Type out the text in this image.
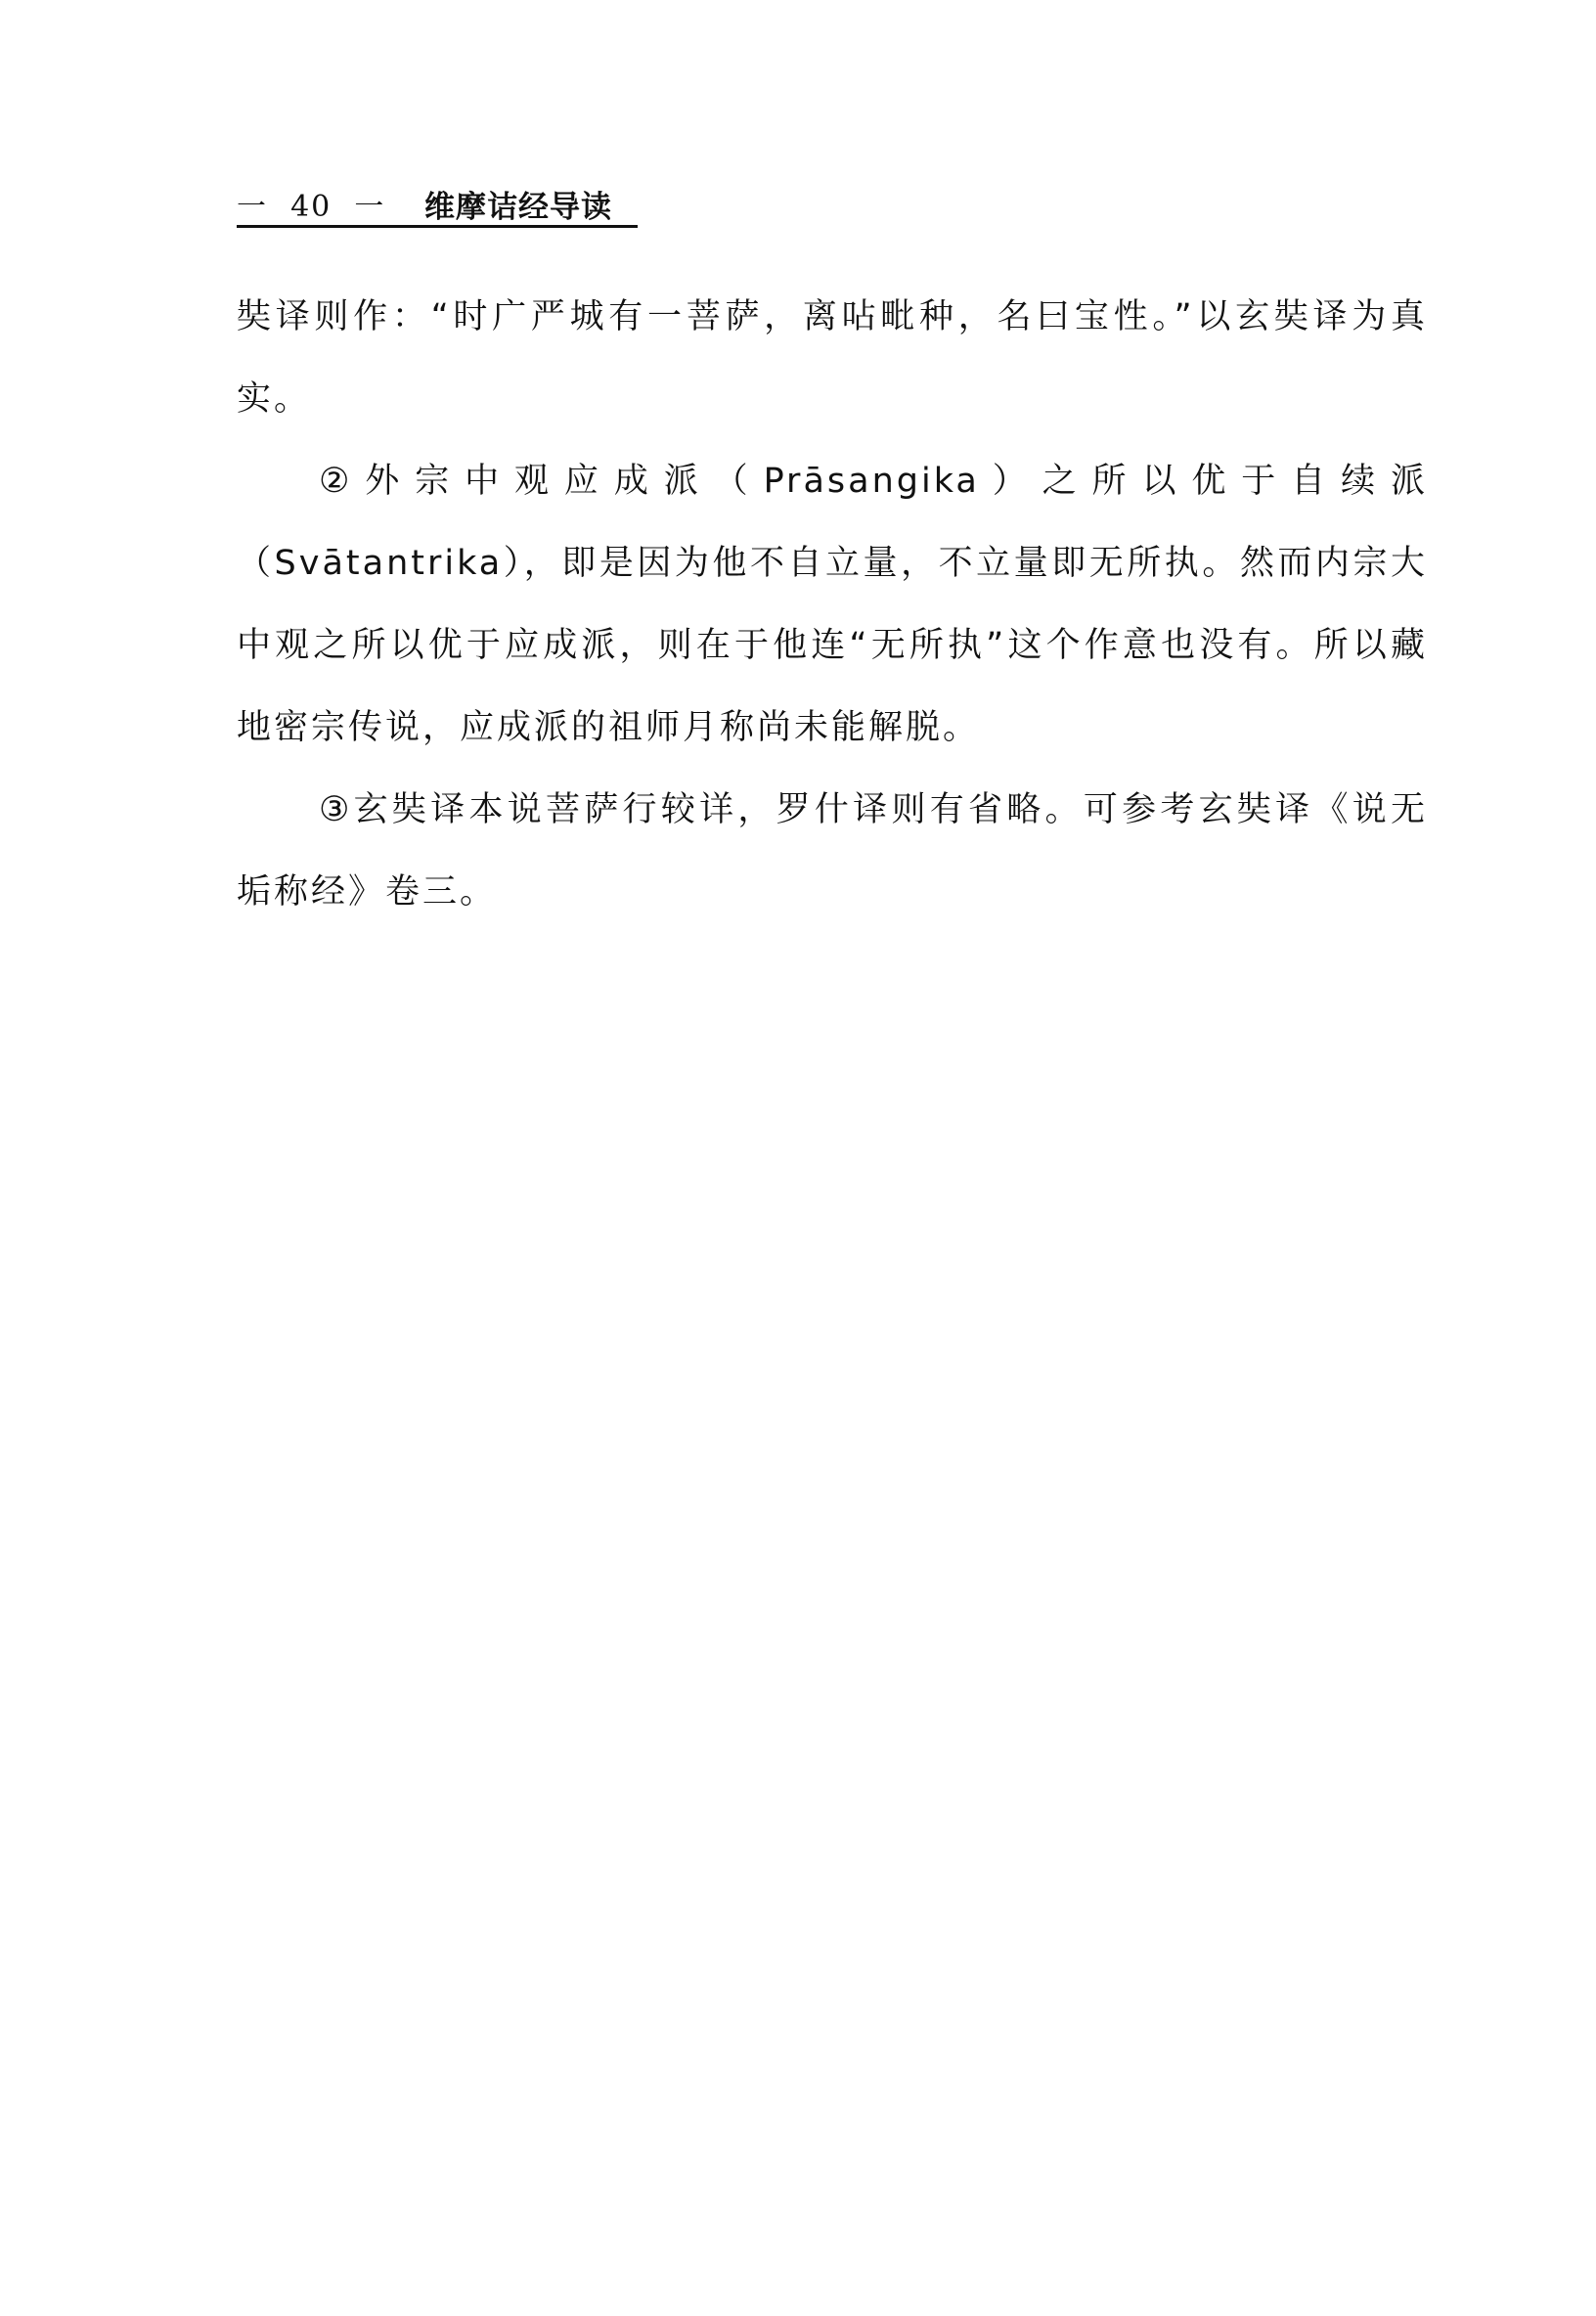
一  40  一 维摩诘经导读

奘译则作：“时广严城有一菩萨，离呫毗种，名曰宝性。”以玄奘译为真实。

②外宗中观应成派（Prāsangika）之所以优于自续派（Svātantrika），即是因为他不自立量，不立量即无所执。然而内宗大中观之所以优于应成派，则在于他连“无所执”这个作意也没有。所以藏地密宗传说，应成派的祖师月称尚未能解脱。

③玄奘译本说菩萨行较详，罗什译则有省略。可参考玄奘译《说无垢称经》卷三。
